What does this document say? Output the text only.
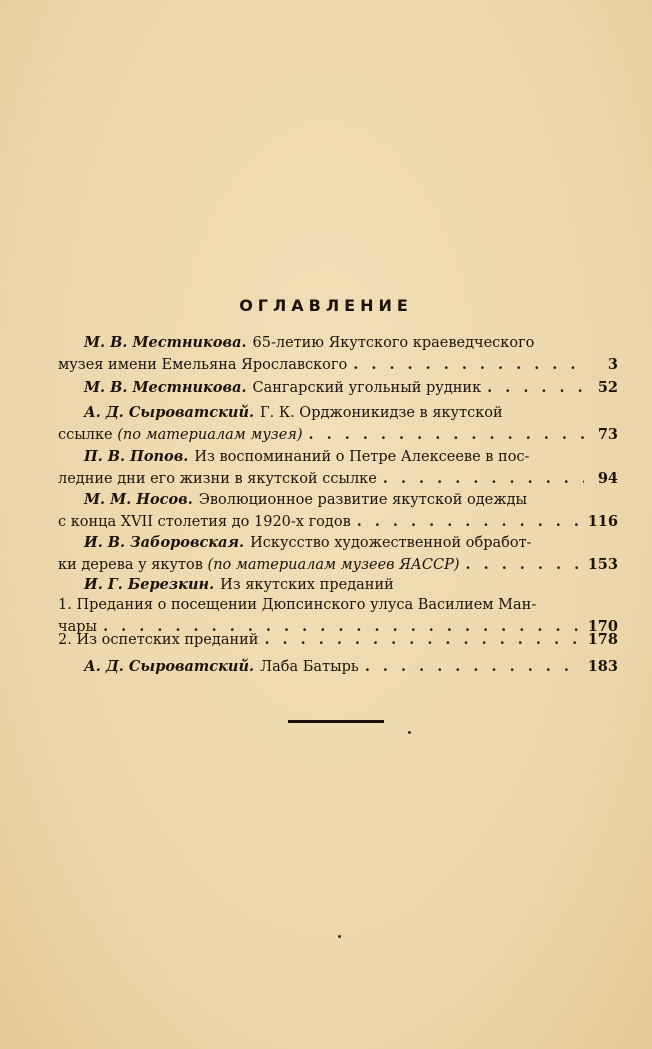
ОГЛАВЛЕНИЕ
М. В. Местникова. 65-летию Якутского краеведческого
музея имени Емельяна Ярославского . . .	3
М. В. Местникова. Сангарский угольный рудник . . .	52
А. Д. Сыроватский. Г. К. Орджоникидзе в якутской
ссылке (по материалам музея) . . .	73
П. В. Попов. Из воспоминаний о Петре Алексееве в пос-
ледние дни его жизни в якутской ссылке . . .	94
М. М. Носов. Эволюционное развитие якутской одежды
с конца XVII столетия до 1920-х годов . . .	116
И. В. Заборовская. Искусство художественной обработ-
ки дерева у якутов (по материалам музеев ЯАССР) . . .	153
И. Г. Березкин. Из якутских преданий
1. Предания о посещении Дюпсинского улуса Василием Ман-
чары . . .	170
2. Из оспетских преданий . . .	178
А. Д. Сыроватский. Лаба Батырь . . .	183
